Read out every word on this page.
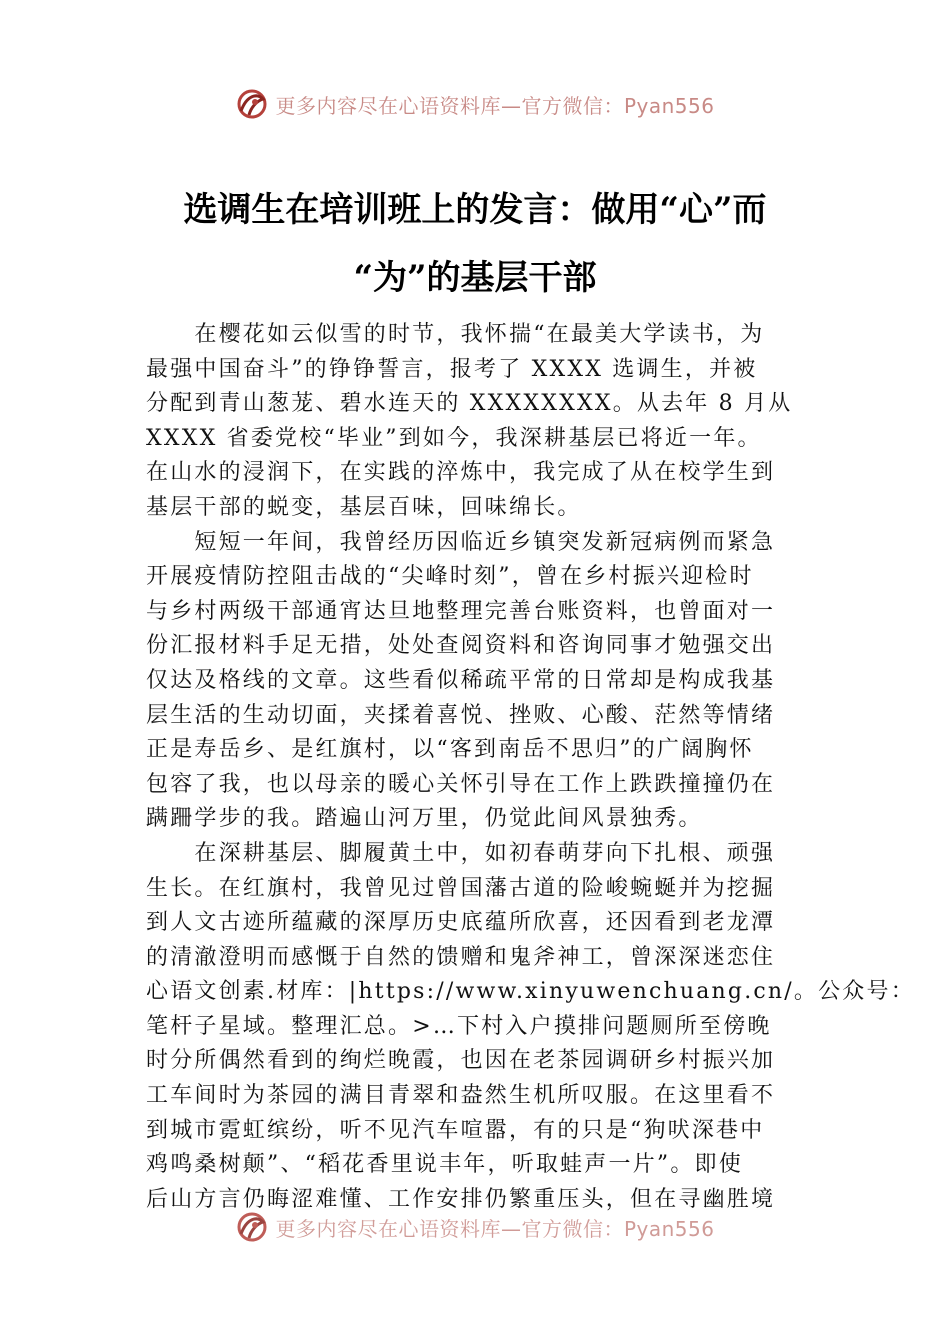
更多内容尽在心语资料库—官方微信：Pyan556
选调生在培训班上的发言：做用“心”而
“为”的基层干部
　　在樱花如云似雪的时节，我怀揣“在最美大学读书，为
最强中国奋斗”的铮铮誓言，报考了 XXXX 选调生，并被
分配到青山葱茏、碧水连天的 XXXXXXXX。从去年 8 月从
XXXX 省委党校“毕业”到如今，我深耕基层已将近一年。
在山水的浸润下，在实践的淬炼中，我完成了从在校学生到
基层干部的蜕变，基层百味，回味绵长。
　　短短一年间，我曾经历因临近乡镇突发新冠病例而紧急
开展疫情防控阻击战的“尖峰时刻”，曾在乡村振兴迎检时
与乡村两级干部通宵达旦地整理完善台账资料，也曾面对一
份汇报材料手足无措，处处查阅资料和咨询同事才勉强交出
仅达及格线的文章。这些看似稀疏平常的日常却是构成我基
层生活的生动切面，夹揉着喜悦、挫败、心酸、茫然等情绪
正是寿岳乡、是红旗村，以“客到南岳不思归”的广阔胸怀
包容了我，也以母亲的暖心关怀引导在工作上跌跌撞撞仍在
蹒跚学步的我。踏遍山河万里，仍觉此间风景独秀。
　　在深耕基层、脚履黄土中，如初春萌芽向下扎根、顽强
生长。在红旗村，我曾见过曾国藩古道的险峻蜿蜒并为挖掘
到人文古迹所蕴藏的深厚历史底蕴所欣喜，还因看到老龙潭
的清澈澄明而感慨于自然的馈赠和鬼斧神工，曾深深迷恋住
心语文创素.材库：|https://www.xinyuwenchuang.cn/。公众号：
笔杆子星域。整理汇总。>…下村入户摸排问题厕所至傍晚
时分所偶然看到的绚烂晚霞，也因在老茶园调研乡村振兴加
工车间时为茶园的满目青翠和盎然生机所叹服。在这里看不
到城市霓虹缤纷，听不见汽车喧嚣，有的只是“狗吠深巷中
鸡鸣桑树颠”、“稻花香里说丰年，听取蛙声一片”。即使
后山方言仍晦涩难懂、工作安排仍繁重压头，但在寻幽胜境
更多内容尽在心语资料库—官方微信：Pyan556
